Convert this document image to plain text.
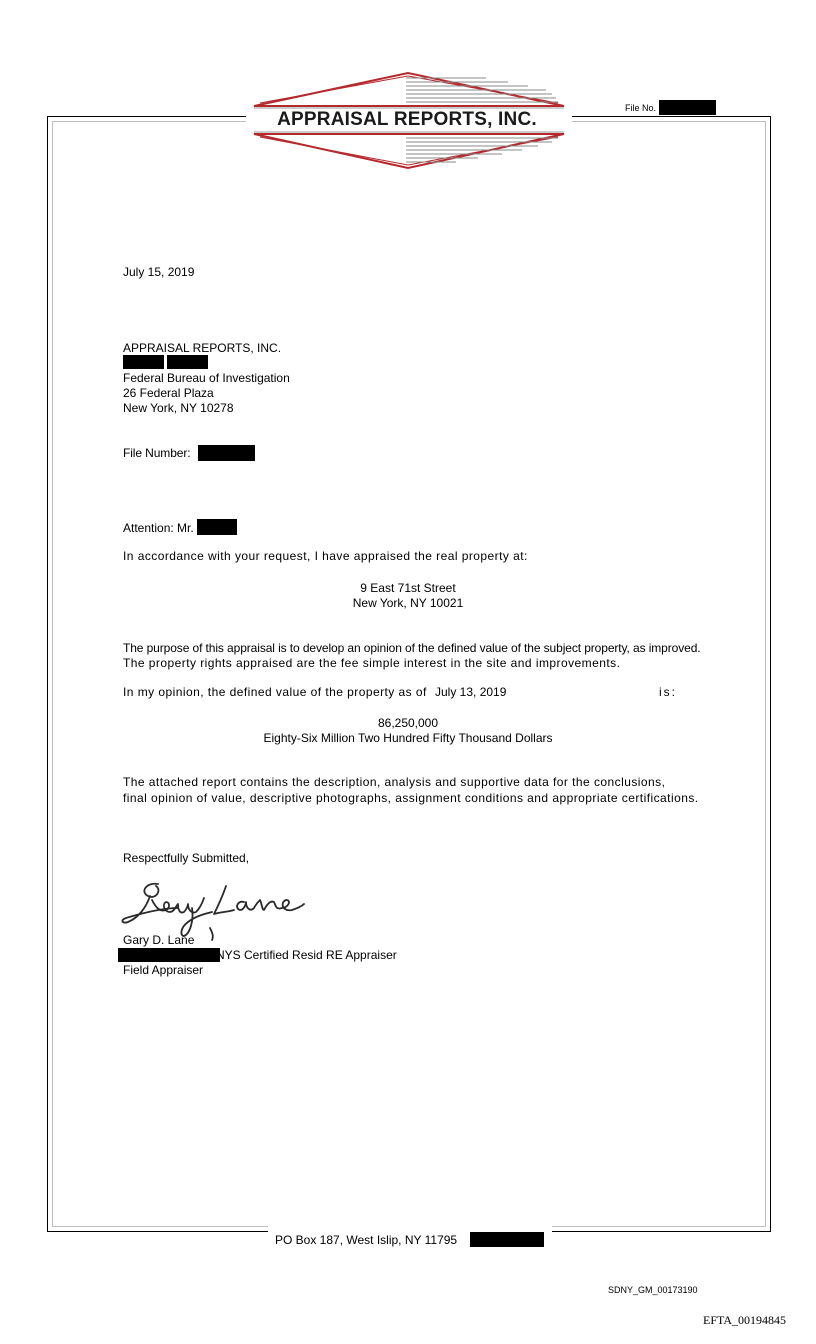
APPRAISAL REPORTS, INC.
File No.
July 15, 2019
APPRAISAL REPORTS, INC.
Federal Bureau of Investigation
26 Federal Plaza
New York, NY 10278
File Number:
Attention: Mr.
In accordance with your request, I have appraised the real property at:
9 East 71st Street
New York, NY 10021
The purpose of this appraisal is to develop an opinion of the defined value of the subject property, as improved.
The property rights appraised are the fee simple interest in the site and improvements.
In my opinion, the defined value of the property as of July 13, 2019	is:
86,250,000
Eighty-Six Million Two Hundred Fifty Thousand Dollars
The attached report contains the description, analysis and supportive data for the conclusions,
final opinion of value, descriptive photographs, assignment conditions and appropriate certifications.
Respectfully Submitted,
Gary D. Lane
NYS Certified Resid RE Appraiser
Field Appraiser
PO Box 187, West Islip, NY 11795
SDNY_GM_00173190
EFTA_00194845
